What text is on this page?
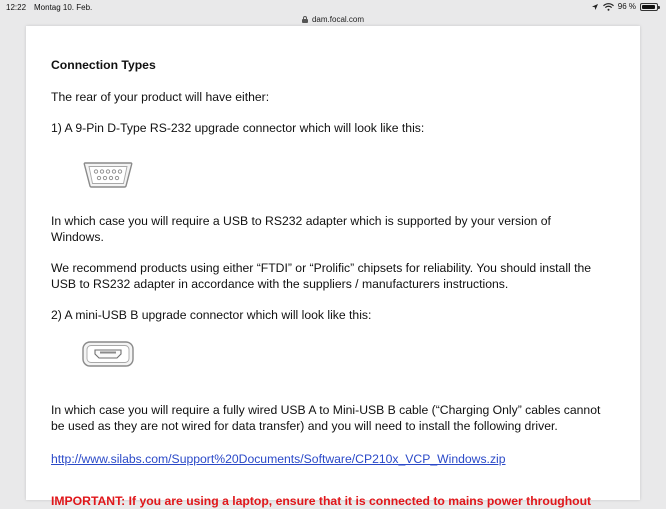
12:22 Montag 10. Feb.	96 %
dam.focal.com
Connection Types
The rear of your product will have either:
1) A 9-Pin D-Type RS-232 upgrade connector which will look like this:
In which case you will require a USB to RS232 adapter which is supported by your version of Windows.
We recommend products using either “FTDI” or “Prolific” chipsets for reliability. You should install the USB to RS232 adapter in accordance with the suppliers / manufacturers instructions.
2) A mini-USB B upgrade connector which will look like this:
In which case you will require a fully wired USB A to Mini-USB B cable (“Charging Only” cables cannot be used as they are not wired for data transfer) and you will need to install the following driver.
http://www.silabs.com/Support%20Documents/Software/CP210x_VCP_Windows.zip
IMPORTANT: If you are using a laptop, ensure that it is connected to mains power throughout
